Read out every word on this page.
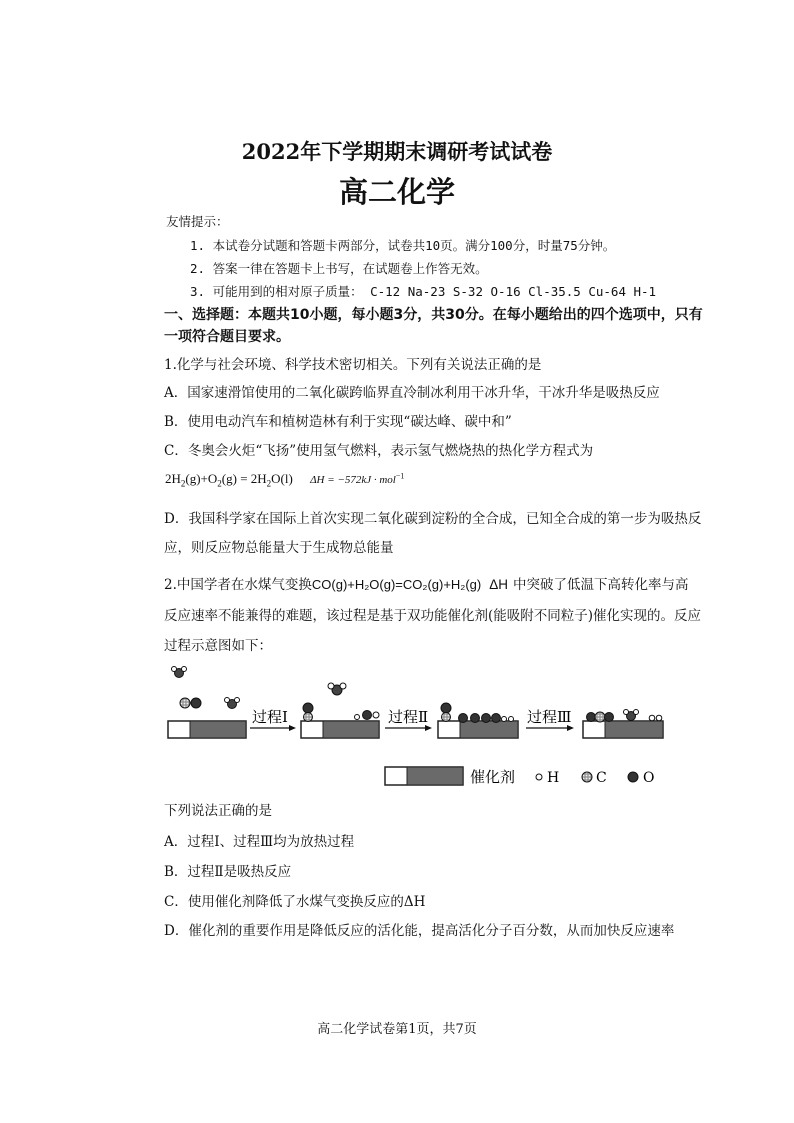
2022年下学期期末调研考试试卷
高二化学
友情提示：
1. 本试卷分试题和答题卡两部分，试卷共10页。满分100分，时量75分钟。
2. 答案一律在答题卡上书写，在试题卷上作答无效。
3. 可能用到的相对原子质量： C-12 Na-23 S-32 O-16 Cl-35.5 Cu-64 H-1
一、选择题：本题共10小题，每小题3分，共30分。在每小题给出的四个选项中，只有
一项符合题目要求。
1.化学与社会环境、科学技术密切相关。下列有关说法正确的是
A．国家速滑馆使用的二氧化碳跨临界直冷制冰利用干冰升华，干冰升华是吸热反应
B．使用电动汽车和植树造林有利于实现“碳达峰、碳中和”
C．冬奥会火炬“飞扬”使用氢气燃料，表示氢气燃烧热的热化学方程式为
$2H_2(g)+O_2(g) = 2H_2O(l) \Delta H = -572kJ \cdot mol^{-1}$
D．我国科学家在国际上首次实现二氧化碳到淀粉的全合成，已知全合成的第一步为吸热反
应，则反应物总能量大于生成物总能量
2.中国学者在水煤气变换CO(g)+H₂O(g)=CO₂(g)+H₂(g) ΔH 中突破了低温下高转化率与高
反应速率不能兼得的难题，该过程是基于双功能催化剂(能吸附不同粒子)催化实现的。反应
过程示意图如下：
过程Ⅰ	过程Ⅱ	过程Ⅲ
催化剂 H	C	O
下列说法正确的是
A．过程Ⅰ、过程Ⅲ均为放热过程
B．过程Ⅱ是吸热反应
C．使用催化剂降低了水煤气变换反应的ΔH
D．催化剂的重要作用是降低反应的活化能，提高活化分子百分数，从而加快反应速率
高二化学试卷第1页，共7页
